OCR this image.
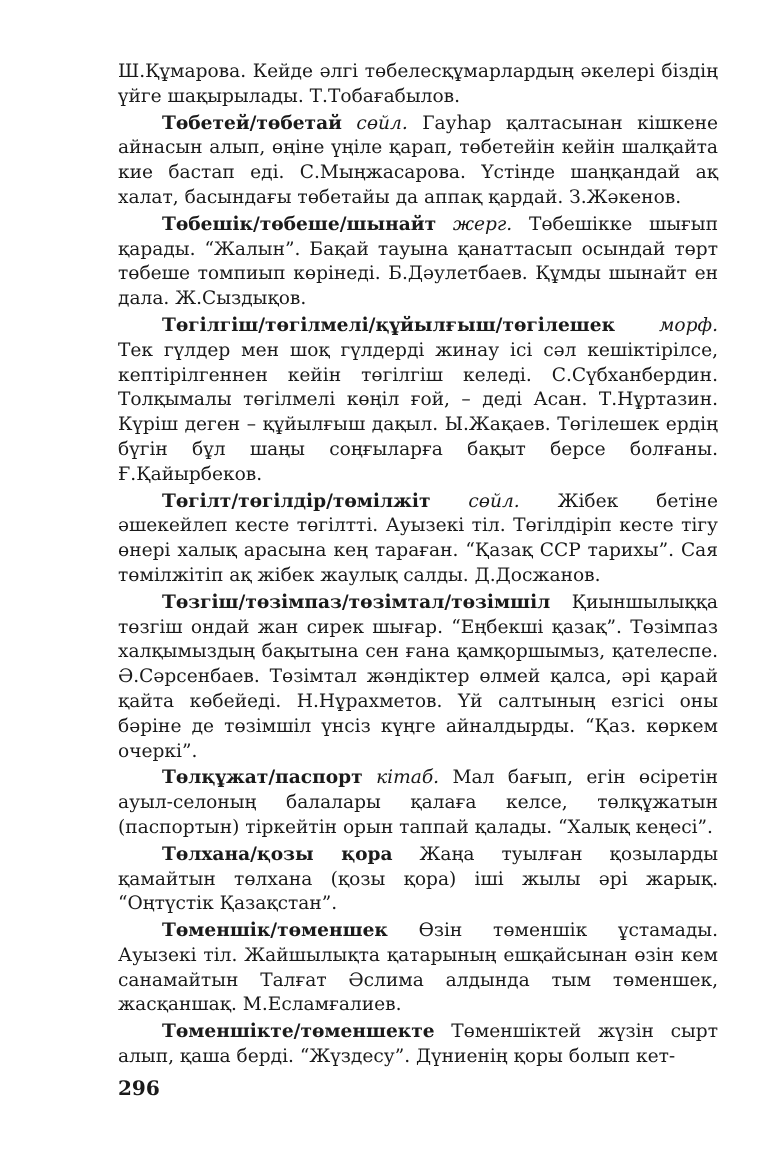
Ш.Құмарова. Кейде әлгі төбелесқұмарлардың әкелері біздің үйге шақырылады. Т.Тобағабылов.

Төбетей/төбетай сөйл. Гауһар қалтасынан кішкене айнасын алып, өңіне үңіле қарап, төбетейін кейін шалқайта кие бастап еді. С.Мыңжасарова. Үстінде шаңқандай ақ халат, басындағы төбетайы да аппақ қардай. З.Жәкенов.

Төбешік/төбеше/шынайт жерг. Төбешікке шығып қарады. “Жалын”. Бақай тауына қанаттасып осындай төрт төбеше томпиып көрінеді. Б.Дәулетбаев. Құмды шынайт ен дала. Ж.Сыздықов.

Төгілгіш/төгілмелі/құйылғыш/төгілешек морф. Тек гүлдер мен шоқ гүлдерді жинау ісі сәл кешіктірілсе, кептірілгеннен кейін төгілгіш келеді. С.Сүбханбердин. Толқымалы төгілмелі көңіл ғой, – деді Асан. Т.Нұртазин. Күріш деген – құйылғыш дақыл. Ы.Жақаев. Төгілешек ердің бүгін бұл шаңы соңғыларға бақыт берсе болғаны. Ғ.Қайырбеков.

Төгілт/төгілдір/төмілжіт сөйл. Жібек бетіне әшекейлеп кесте төгілтті. Ауызекі тіл. Төгілдіріп кесте тігу өнері халық арасына кең тараған. “Қазақ ССР тарихы”. Сая төмілжітіп ақ жібек жаулық салды. Д.Досжанов.

Төзгіш/төзімпаз/төзімтал/төзімшіл Қиыншылыққа төзгіш ондай жан сирек шығар. “Еңбекші қазақ”. Төзімпаз халқымыздың бақытына сен ғана қамқоршымыз, қателеспе. Ә.Сәрсенбаев. Төзімтал жәндіктер өлмей қалса, әрі қарай қайта көбейеді. Н.Нұрахметов. Үй салтының езгісі оны бәріне де төзімшіл үнсіз күңге айналдырды. “Қаз. көркем очеркі”.

Төлқұжат/паспорт кітаб. Мал бағып, егін өсіретін ауыл-селоның балалары қалаға келсе, төлқұжатын (паспортын) тіркейтін орын таппай қалады. “Халық кеңесі”.

Төлхана/қозы қора Жаңа туылған қозыларды қамайтын төлхана (қозы қора) іші жылы әрі жарық. “Оңтүстік Қазақстан”.

Төменшік/төменшек Өзін төменшік ұстамады. Ауызекі тіл. Жайшылықта қатарының ешқайсынан өзін кем санамайтын Талғат Әслима алдында тым төменшек, жасқаншақ. М.Есламғалиев.

Төменшікте/төменшекте Төменшіктей жүзін сырт алып, қаша берді. “Жүздесу”. Дүниенің қоры болып кет-

296
